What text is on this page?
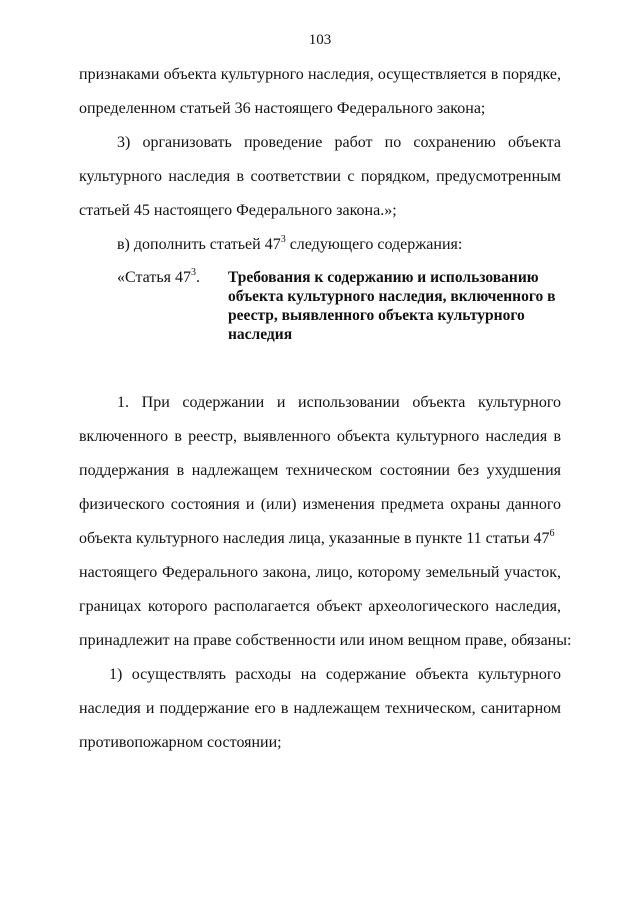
103
признаками объекта культурного наследия, осуществляется в порядке,
определенном статьей 36 настоящего Федерального закона;
3) организовать проведение работ по сохранению объекта
культурного наследия в соответствии с порядком, предусмотренным
статьей 45 настоящего Федерального закона.»;
в) дополнить статьей $47^3$ следующего содержания:
«Статья $47^3$. Требования к содержанию и использованию
объекта культурного наследия, включенного в
реестр, выявленного объекта культурного
наследия
1. При содержании и использовании объекта культурного
включенного в реестр, выявленного объекта культурного наследия в
поддержания в надлежащем техническом состоянии без ухудшения
физического состояния и (или) изменения предмета охраны данного
объекта культурного наследия лица, указанные в пункте 11 статьи $47^6$
настоящего Федерального закона, лицо, которому земельный участок,
границах которого располагается объект археологического наследия,
принадлежит на праве собственности или ином вещном праве, обязаны:
1) осуществлять расходы на содержание объекта культурного
наследия и поддержание его в надлежащем техническом, санитарном
противопожарном состоянии;
